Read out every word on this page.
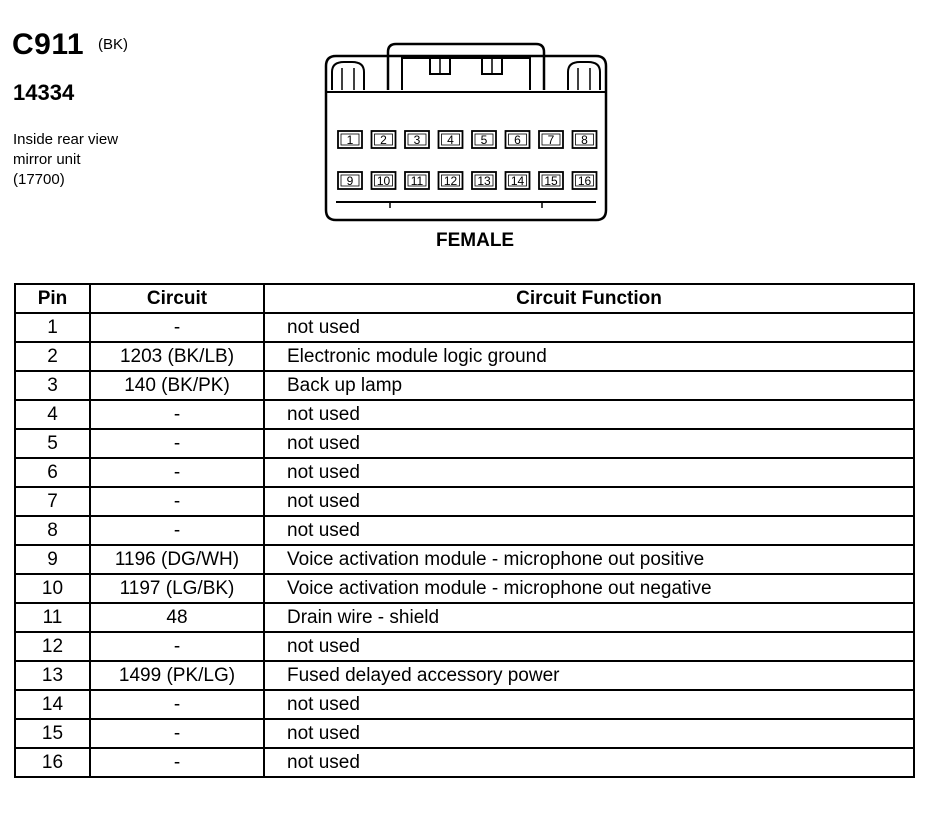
C911 (BK)
14334
Inside rear view
mirror unit
(17700)
1 2 3 4 5 6 7 8
9 10 11 12 13 14 15 16
FEMALE
Pin	Circuit	Circuit Function
1	-	not used
2	1203 (BK/LB)	Electronic module logic ground
3	140 (BK/PK)	Back up lamp
4	-	not used
5	-	not used
6	-	not used
7	-	not used
8	-	not used
9	1196 (DG/WH)	Voice activation module - microphone out positive
10	1197 (LG/BK)	Voice activation module - microphone out negative
11	48	Drain wire - shield
12	-	not used
13	1499 (PK/LG)	Fused delayed accessory power
14	-	not used
15	-	not used
16	-	not used
